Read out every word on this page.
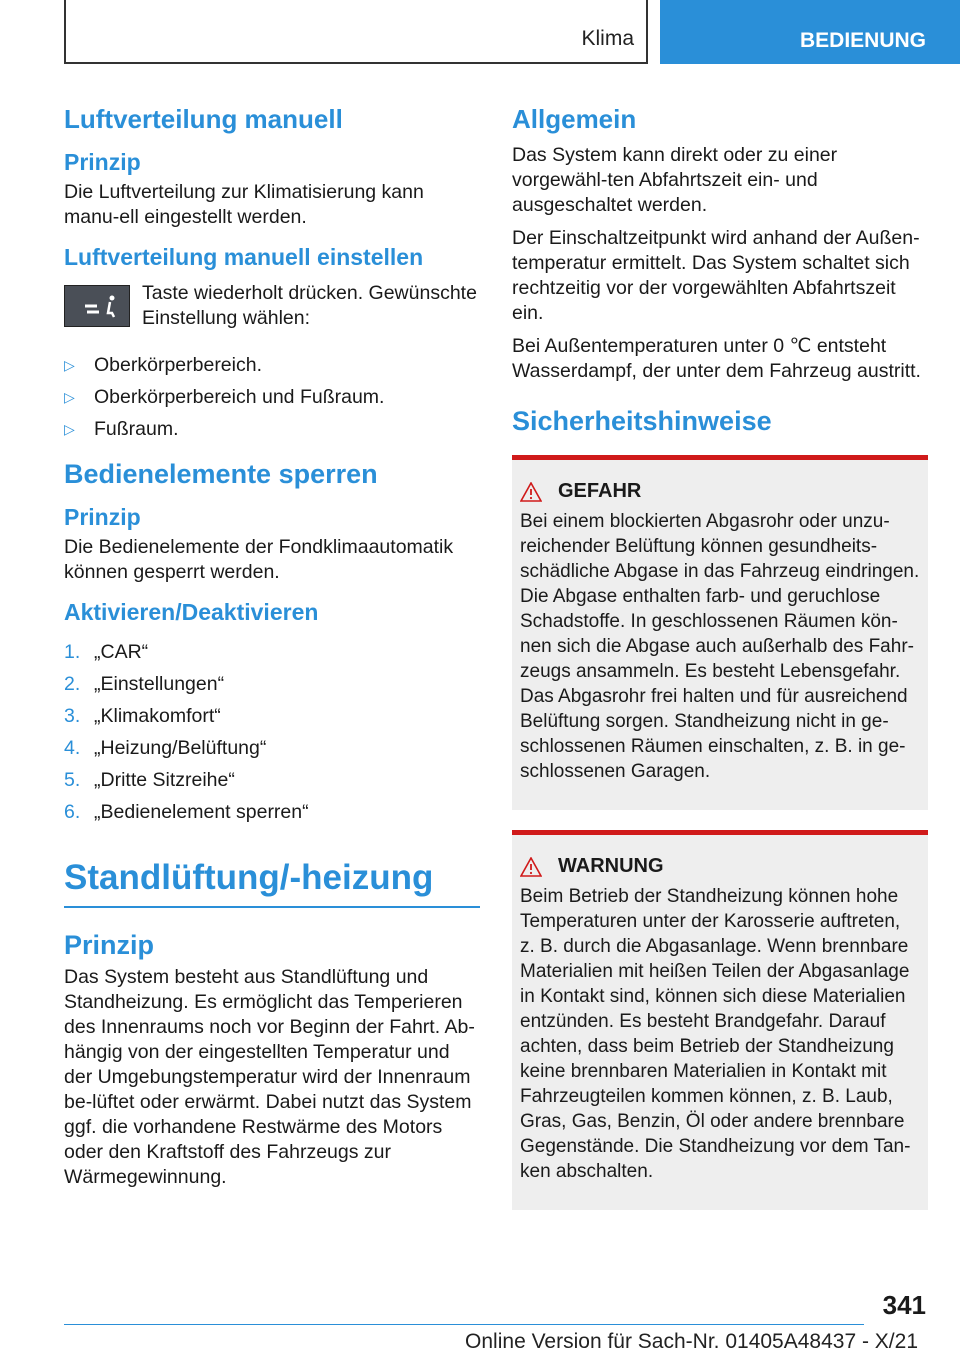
Klima	BEDIENUNG
Luftverteilung manuell
Prinzip

Die Luftverteilung zur Klimatisierung kann manu-ell eingestellt werden.

Luftverteilung manuell einstellen

Taste wiederholt drücken. Gewünschte Einstellung wählen:

▷ Oberkörperbereich.
▷ Oberkörperbereich und Fußraum.
▷ Fußraum.
Bedienelemente sperren
Prinzip

Die Bedienelemente der Fondklimaautomatik können gesperrt werden.

Aktivieren/Deaktivieren
1. „CAR“
2. „Einstellungen“
3. „Klimakomfort“
4. „Heizung/Belüftung“
5. „Dritte Sitzreihe“
6. „Bedienelement sperren“
Standlüftung/-heizung
Prinzip

Das System besteht aus Standlüftung und Standheizung. Es ermöglicht das Temperieren des Innenraums noch vor Beginn der Fahrt. Ab-hängig von der eingestellten Temperatur und der Umgebungstemperatur wird der Innenraum be-lüftet oder erwärmt. Dabei nutzt das System ggf. die vorhandene Restwärme des Motors oder den Kraftstoff des Fahrzeugs zur Wärmegewinnung.

Allgemein

Das System kann direkt oder zu einer vorgewähl-ten Abfahrtszeit ein- und ausgeschaltet werden.

Der Einschaltzeitpunkt wird anhand der Außen-temperatur ermittelt. Das System schaltet sich rechtzeitig vor der vorgewählten Abfahrtszeit ein.

Bei Außentemperaturen unter 0 ℃ entsteht Wasserdampf, der unter dem Fahrzeug austritt.

Sicherheitshinweise
GEFAHR

Bei einem blockierten Abgasrohr oder unzu-reichender Belüftung können gesundheits-schädliche Abgase in das Fahrzeug eindringen. Die Abgase enthalten farb- und geruchlose Schadstoffe. In geschlossenen Räumen kön-nen sich die Abgase auch außerhalb des Fahr-zeugs ansammeln. Es besteht Lebensgefahr. Das Abgasrohr frei halten und für ausreichend Belüftung sorgen. Standheizung nicht in ge-schlossenen Räumen einschalten, z. B. in ge-schlossenen Garagen.

WARNUNG

Beim Betrieb der Standheizung können hohe Temperaturen unter der Karosserie auftreten, z. B. durch die Abgasanlage. Wenn brennbare Materialien mit heißen Teilen der Abgasanlage in Kontakt sind, können sich diese Materialien entzünden. Es besteht Brandgefahr. Darauf achten, dass beim Betrieb der Standheizung keine brennbaren Materialien in Kontakt mit Fahrzeugteilen kommen können, z. B. Laub, Gras, Gas, Benzin, Öl oder andere brennbare Gegenstände. Die Standheizung vor dem Tan-ken abschalten.

341
Online Version für Sach-Nr. 01405A48437 - X/21
